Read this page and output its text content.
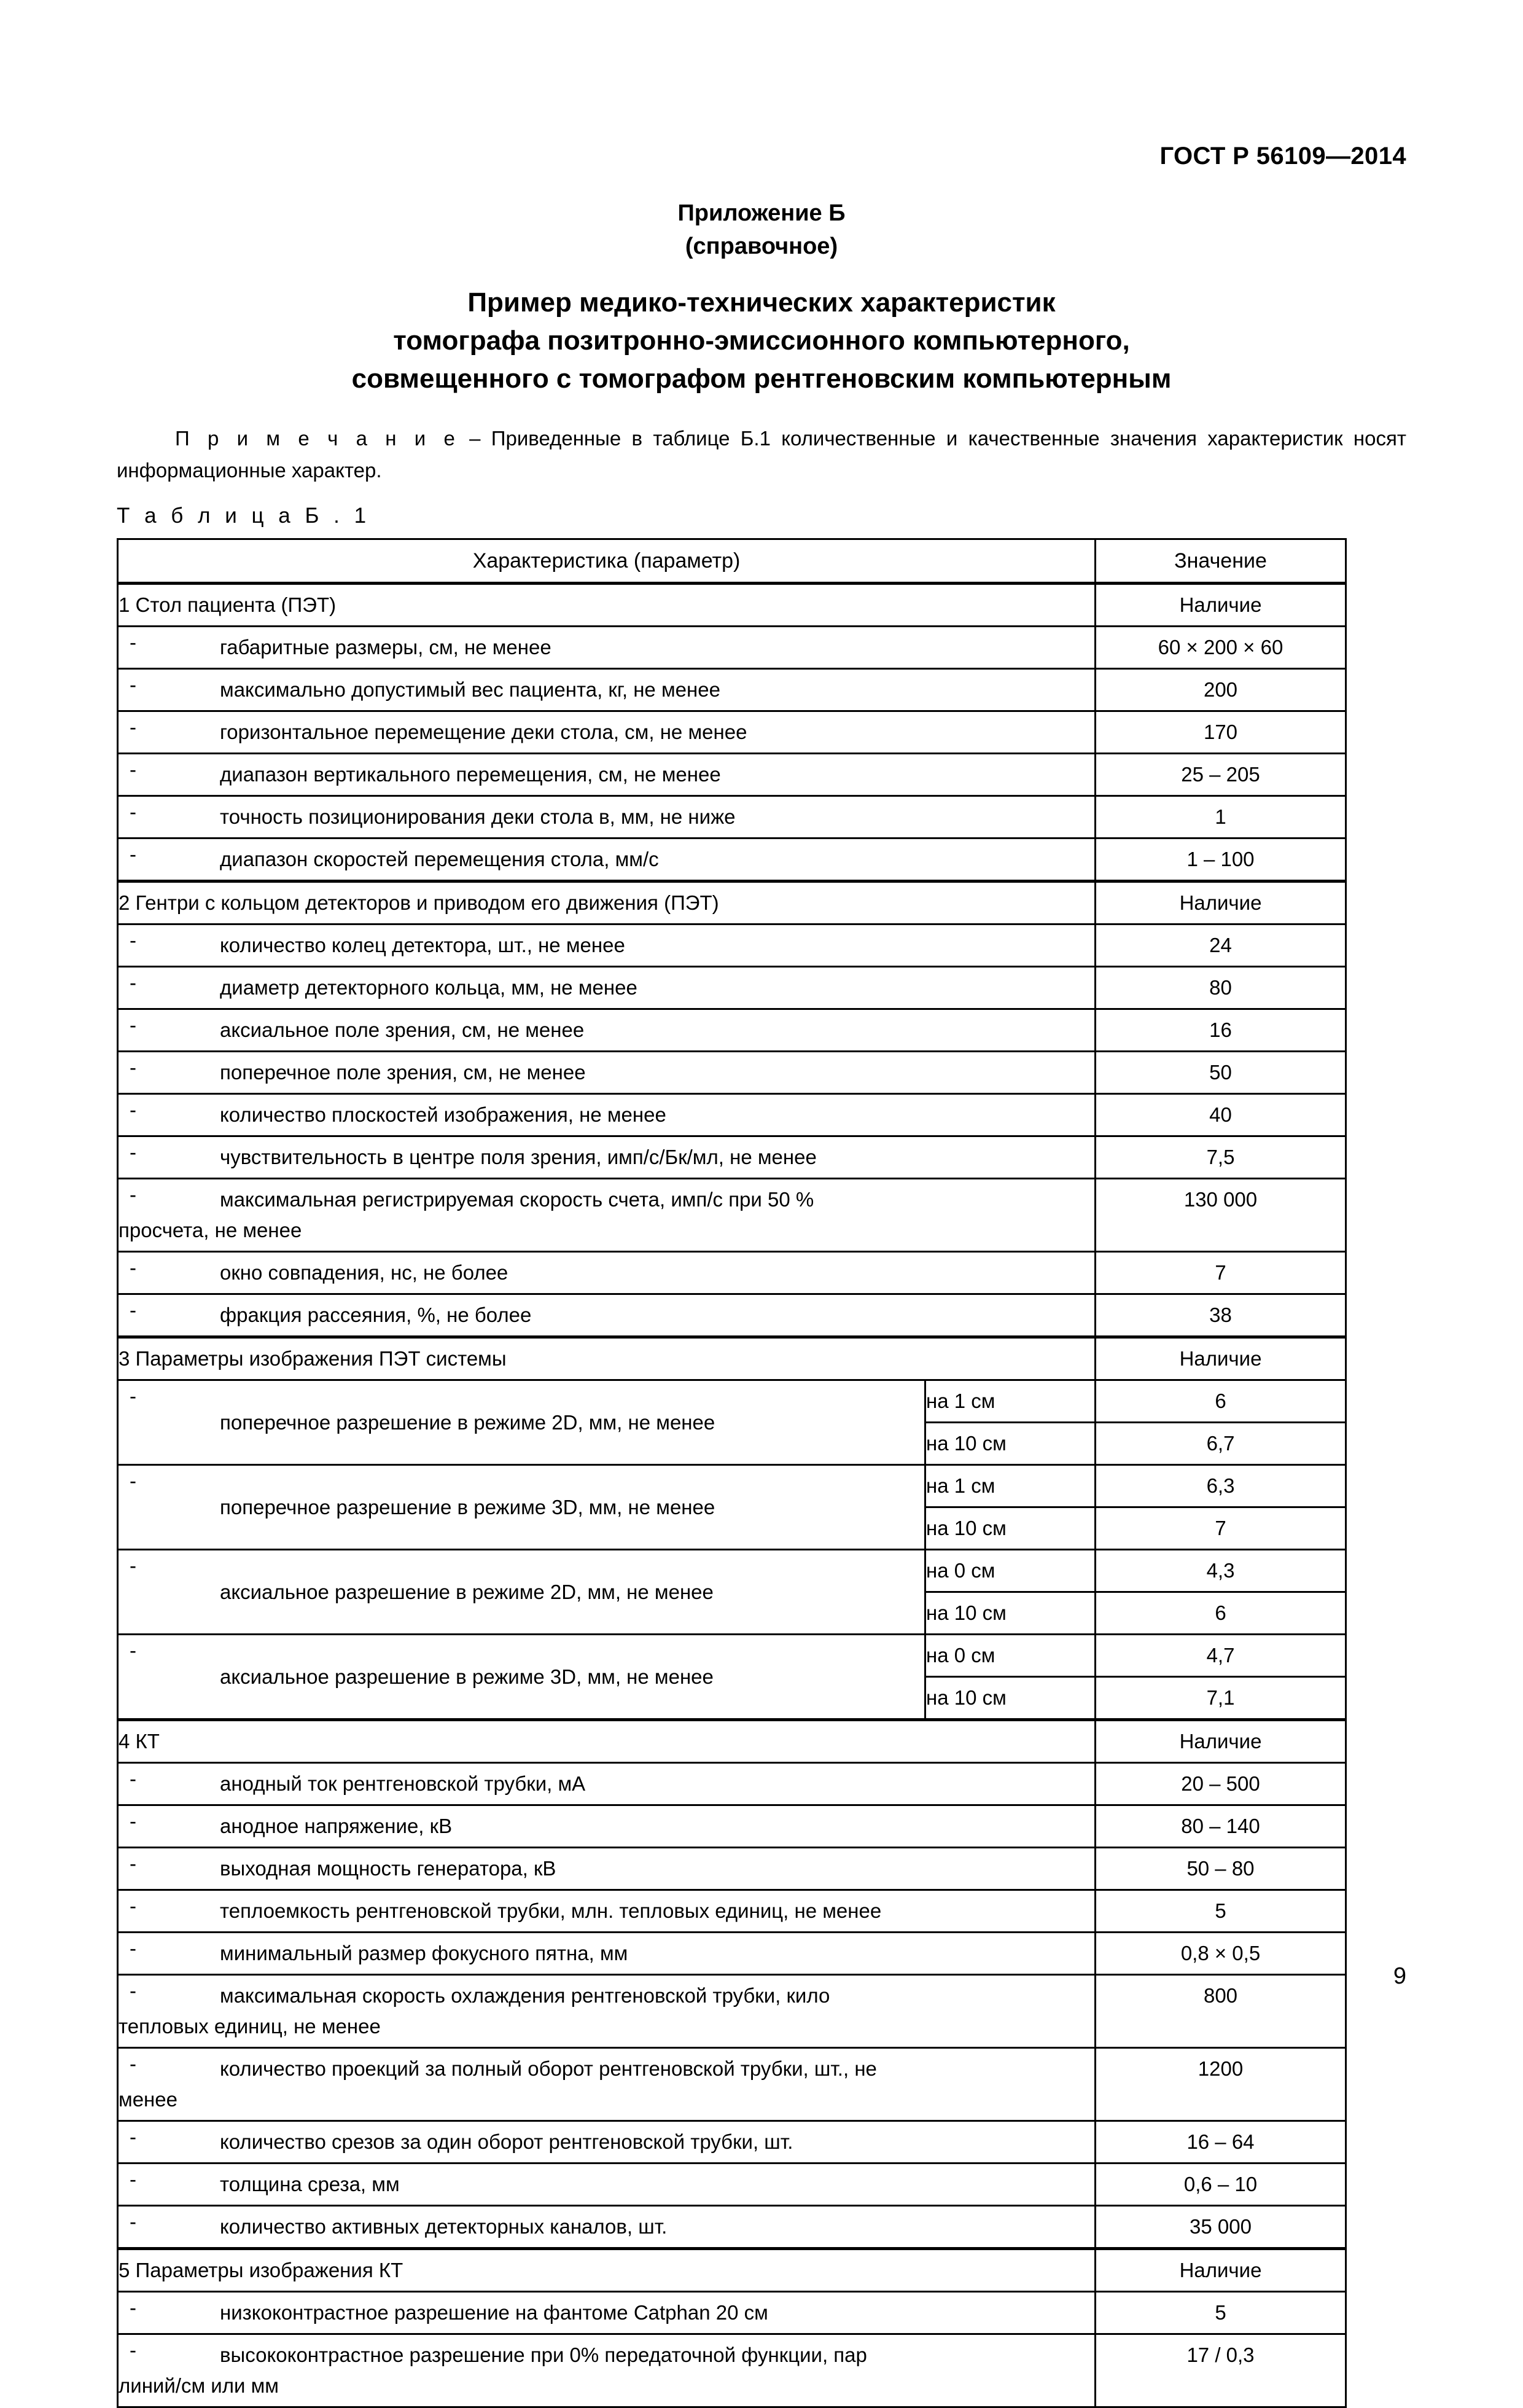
ГОСТ Р 56109—2014
Приложение Б
(справочное)
Пример медико-технических характеристик
томографа позитронно-эмиссионного компьютерного,
совмещенного с томографом рентгеновским компьютерным
П р и м е ч а н и е – Приведенные в таблице Б.1 количественные и качественные значения характеристик носят информационные характер.
Т а б л и ц а Б . 1
Характеристика (параметр)		Значение
1 Стол пациента (ПЭТ)		Наличие

- габаритные размеры, см, не менее		60 × 200 × 60

- максимально допустимый вес пациента, кг, не менее		200

- горизонтальное перемещение деки стола, см, не менее		170

- диапазон вертикального перемещения, см, не менее		25 – 205

- точность позиционирования деки стола в, мм, не ниже		1

- диапазон скоростей перемещения стола, мм/с		1 – 100
2 Гентри с кольцом детекторов и приводом его движения (ПЭТ)		Наличие

- количество колец детектора, шт., не менее		24

- диаметр детекторного кольца, мм, не менее		80

- аксиальное поле зрения, см, не менее		16

- поперечное поле зрения, см, не менее		50

- количество плоскостей изображения, не менее		40

- чувствительность в центре поля зрения, имп/с/Бк/мл, не менее		7,5

- максимальная регистрируемая скорость счета, имп/с при 50 %
просчета, не менее		130 000

- окно совпадения, нс, не более		7

- фракция рассеяния, %, не более		38
3 Параметры изображения ПЭТ системы		Наличие

-
поперечное разрешение в режиме 2D, мм, не менее	на 1 см	6
	на 10 см	6,7

-
поперечное разрешение в режиме 3D, мм, не менее	на 1 см	6,3
	на 10 см	7

-
аксиальное разрешение в режиме 2D, мм, не менее	на 0 см	4,3
	на 10 см	6

-
аксиальное разрешение в режиме 3D, мм, не менее	на 0 см	4,7
	на 10 см	7,1
4 КТ		Наличие

- анодный ток рентгеновской трубки, мА		20 – 500

- анодное напряжение, кВ		80 – 140

- выходная мощность генератора, кВ		50 – 80

- теплоемкость рентгеновской трубки, млн. тепловых единиц, не менее		5

- минимальный размер фокусного пятна, мм		0,8 × 0,5

- максимальная скорость охлаждения рентгеновской трубки, кило
тепловых единиц, не менее		800

- количество проекций за полный оборот рентгеновской трубки, шт., не
менее		1200

- количество срезов за один оборот рентгеновской трубки, шт.		16 – 64

- толщина среза, мм		0,6 – 10

- количество активных детекторных каналов, шт.		35 000
5 Параметры изображения КТ		Наличие

- низкоконтрастное разрешение на фантоме Catphan 20 см		5

- высококонтрастное разрешение при 0% передаточной функции, пар
линий/см или мм		17 / 0,3
9
